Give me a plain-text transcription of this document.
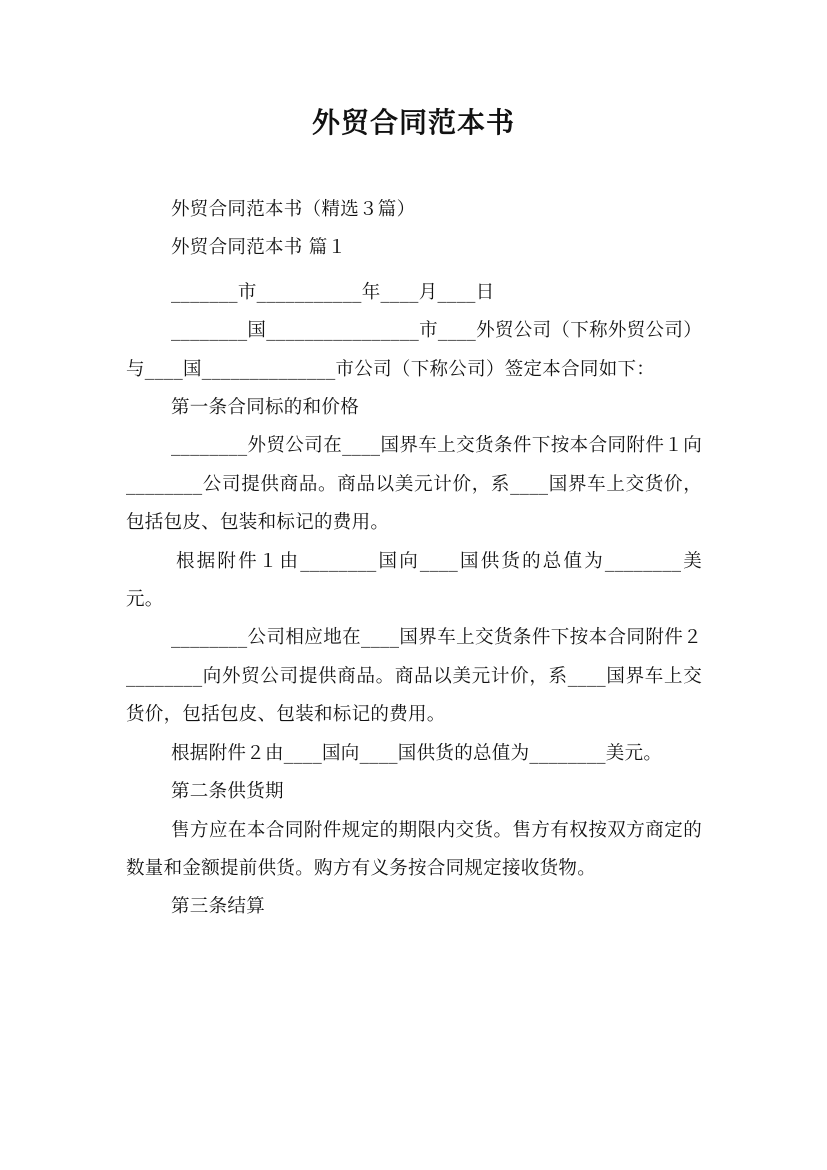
外贸合同范本书

外贸合同范本书（精选３篇）

外贸合同范本书 篇１

_______市___________年____月____日

________国________________市____外贸公司（下称外贸公司）与____国______________市公司（下称公司）签定本合同如下：

第一条合同标的和价格

________外贸公司在____国界车上交货条件下按本合同附件１向________公司提供商品。商品以美元计价，系____国界车上交货价，包括包皮、包装和标记的费用。

根据附件１由________国向____国供货的总值为________美元。

________公司相应地在____国界车上交货条件下按本合同附件２________向外贸公司提供商品。商品以美元计价，系____国界车上交货价，包括包皮、包装和标记的费用。

根据附件２由____国向____国供货的总值为________美元。

第二条供货期

售方应在本合同附件规定的期限内交货。售方有权按双方商定的数量和金额提前供货。购方有义务按合同规定接收货物。

第三条结算
